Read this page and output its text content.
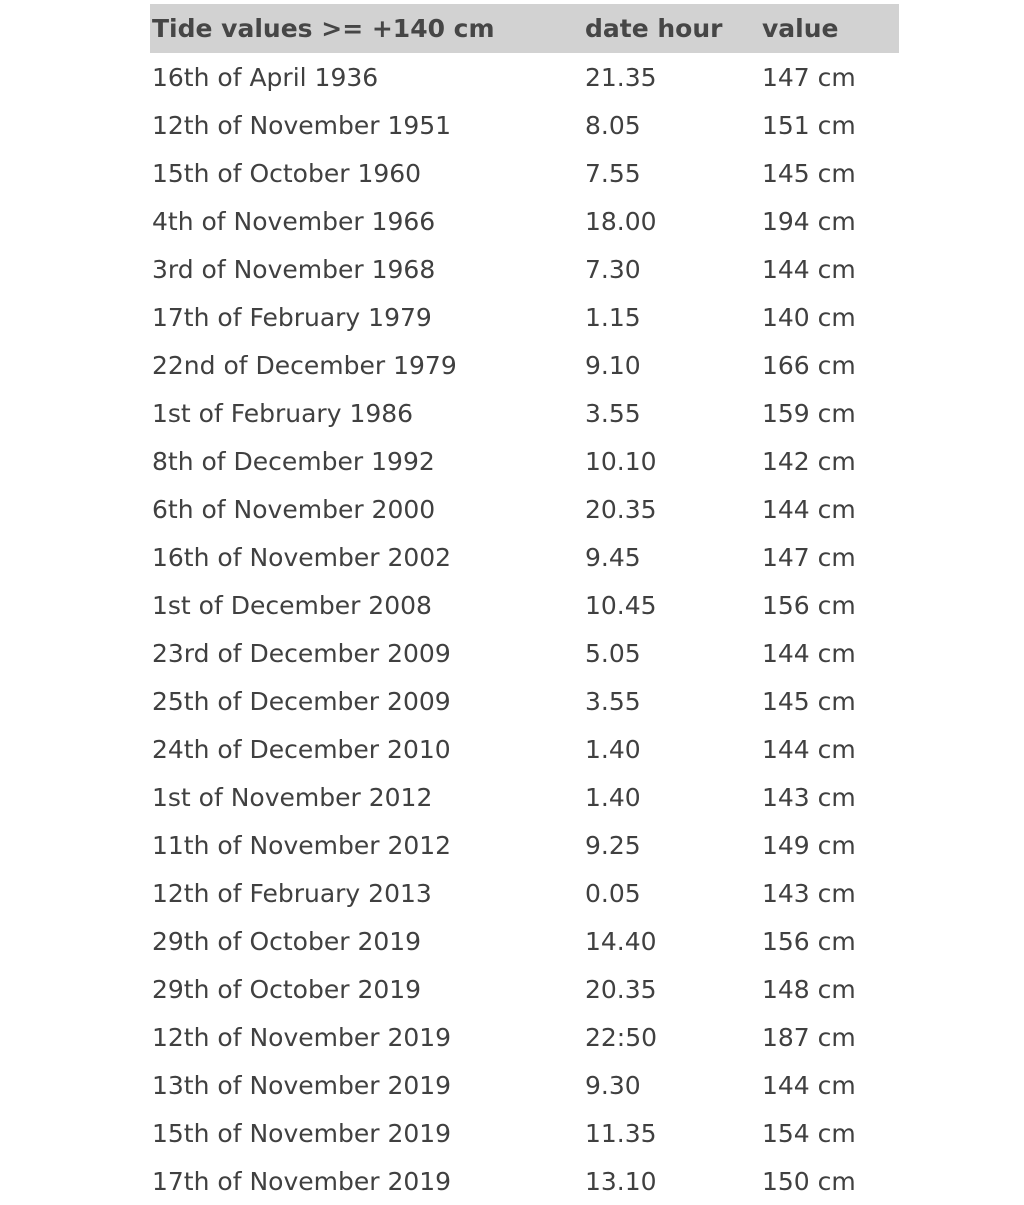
Tide values >= +140 cm	date hour	value
16th of April 1936	21.35	147 cm
12th of November 1951	8.05	151 cm
15th of October 1960	7.55	145 cm
4th of November 1966	18.00	194 cm
3rd of November 1968	7.30	144 cm
17th of February 1979	1.15	140 cm
22nd of December 1979	9.10	166 cm
1st of February 1986	3.55	159 cm
8th of December 1992	10.10	142 cm
6th of November 2000	20.35	144 cm
16th of November 2002	9.45	147 cm
1st of December 2008	10.45	156 cm
23rd of December 2009	5.05	144 cm
25th of December 2009	3.55	145 cm
24th of December 2010	1.40	144 cm
1st of November 2012	1.40	143 cm
11th of November 2012	9.25	149 cm
12th of February 2013	0.05	143 cm
29th of October 2019	14.40	156 cm
29th of October 2019	20.35	148 cm
12th of November 2019	22:50	187 cm
13th of November 2019	9.30	144 cm
15th of November 2019	11.35	154 cm
17th of November 2019	13.10	150 cm
